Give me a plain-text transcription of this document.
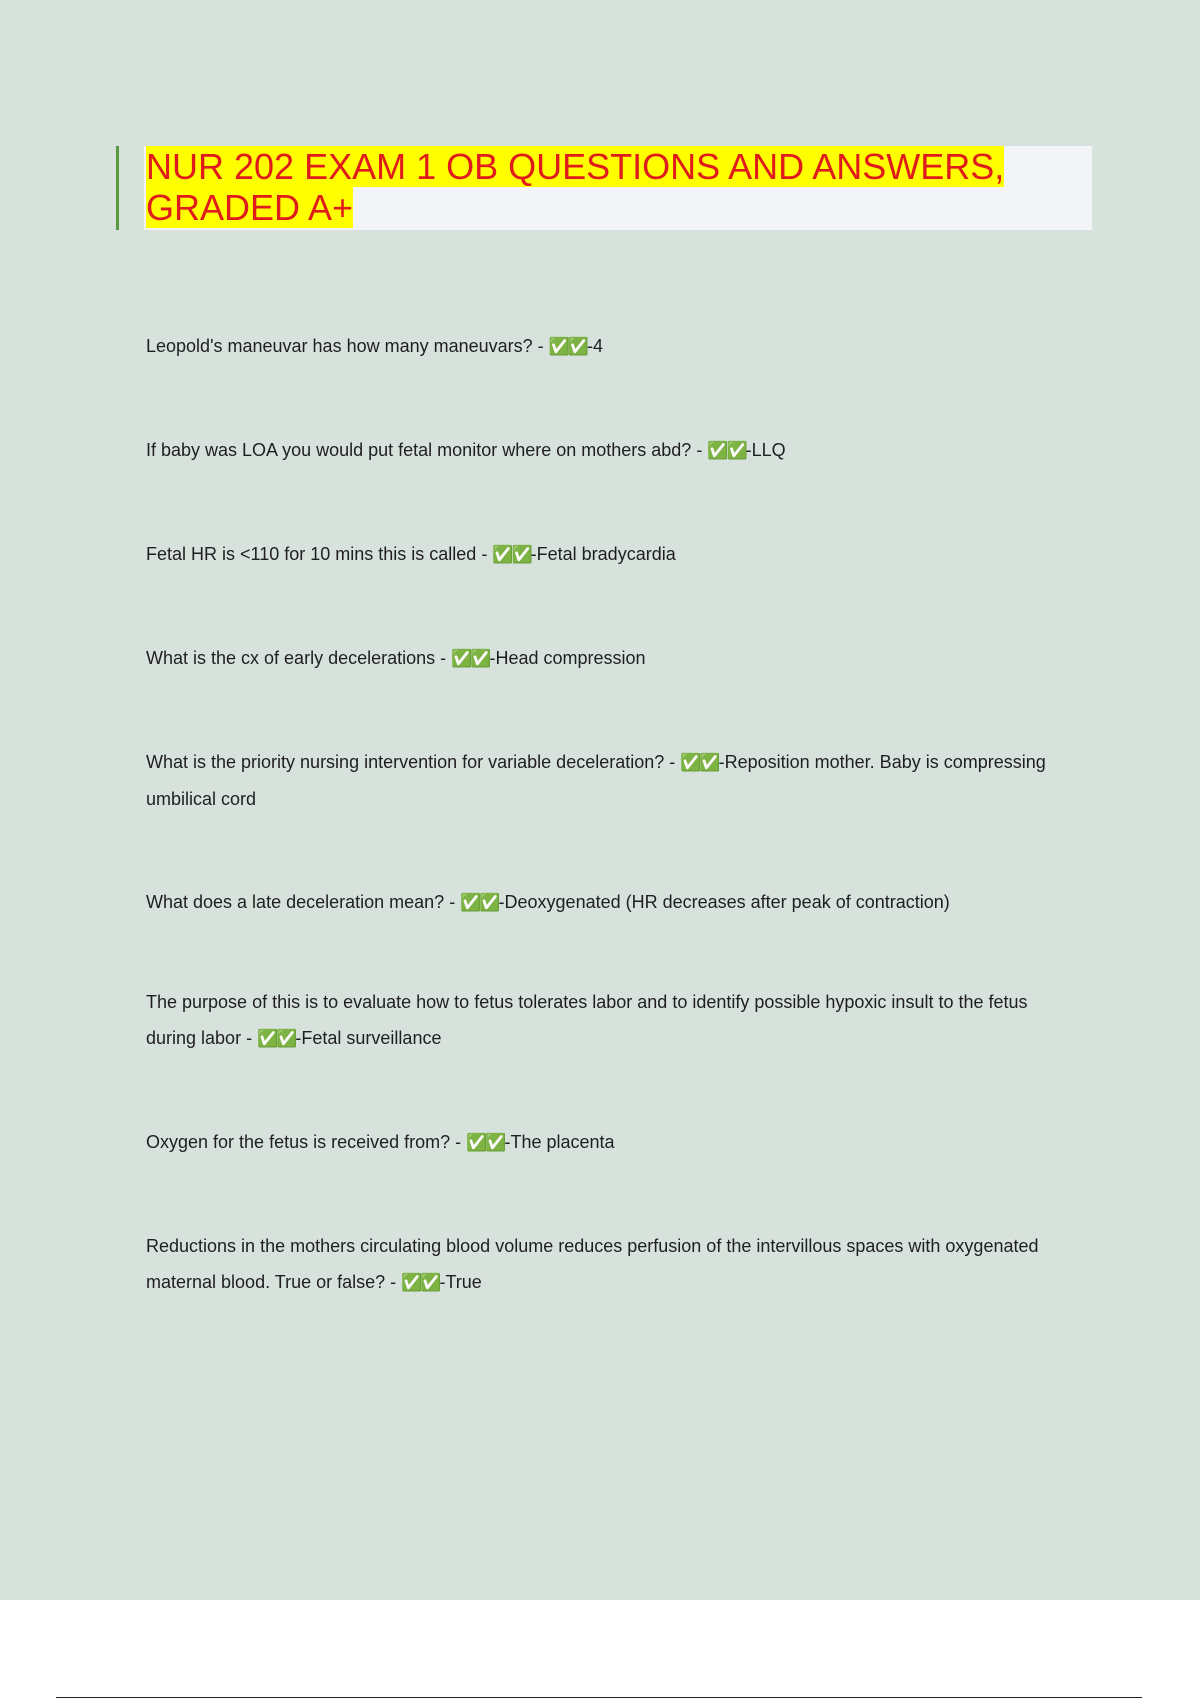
NUR 202 EXAM 1 OB QUESTIONS AND ANSWERS, GRADED A+
Leopold's maneuvar has how many maneuvars? - ✅✅-4
If baby was LOA you would put fetal monitor where on mothers abd? - ✅✅-LLQ
Fetal HR is <110 for 10 mins this is called - ✅✅-Fetal bradycardia
What is the cx of early decelerations - ✅✅-Head compression
What is the priority nursing intervention for variable deceleration? - ✅✅-Reposition mother. Baby is compressing umbilical cord
What does a late deceleration mean? - ✅✅-Deoxygenated (HR decreases after peak of contraction)
The purpose of this is to evaluate how to fetus tolerates labor and to identify possible hypoxic insult to the fetus during labor - ✅✅-Fetal surveillance
Oxygen for the fetus is received from? - ✅✅-The placenta
Reductions in the mothers circulating blood volume reduces perfusion of the intervillous spaces with oxygenated maternal blood. True or false? - ✅✅-True
